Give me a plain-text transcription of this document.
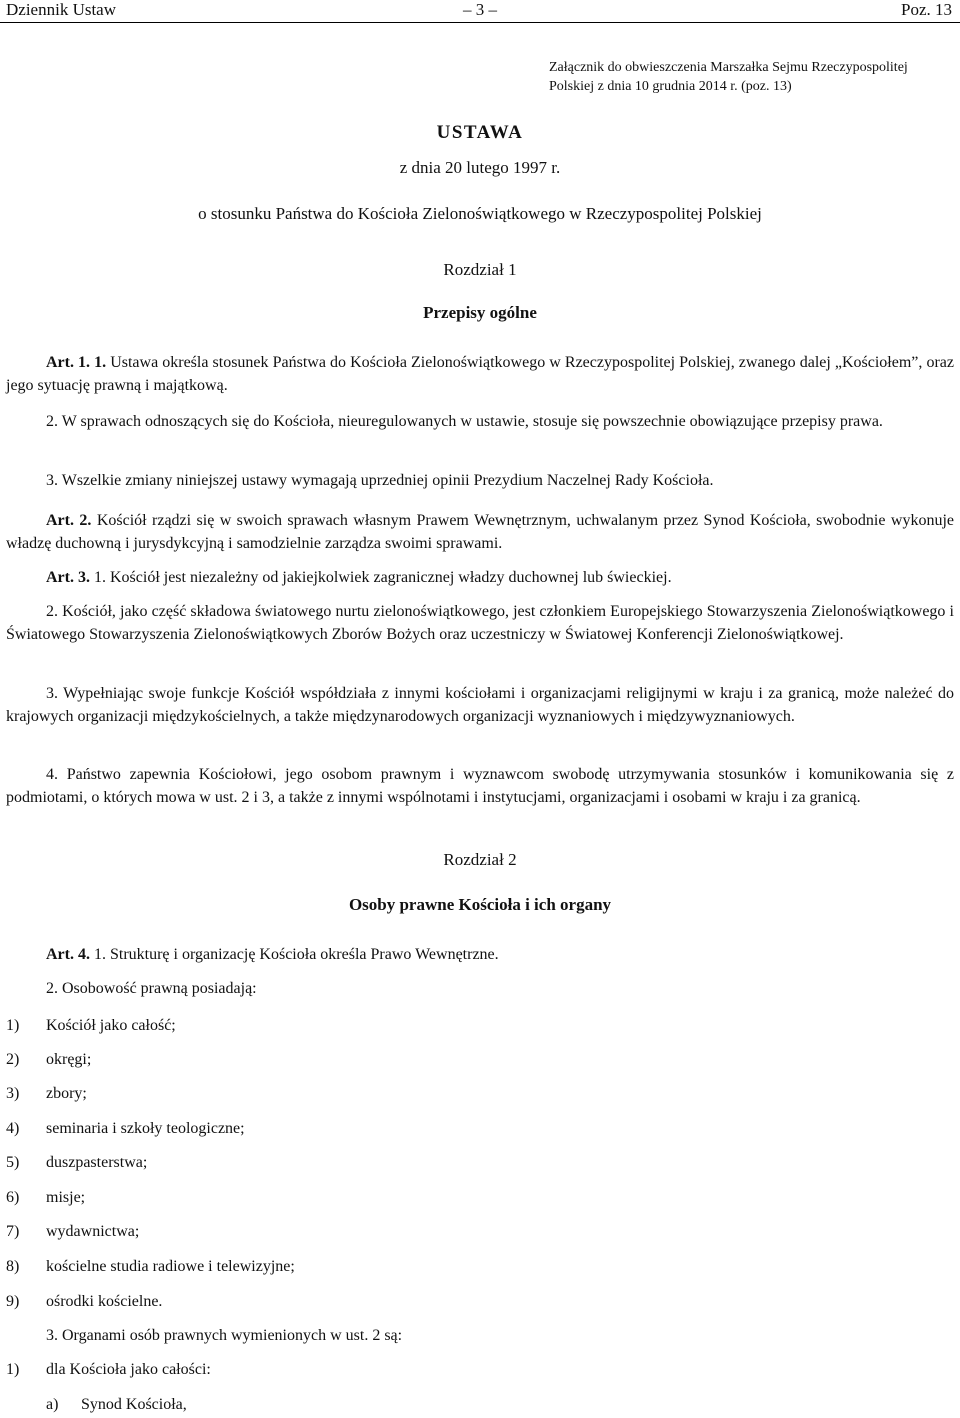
Dziennik Ustaw	– 3 –	Poz. 13
Załącznik do obwieszczenia Marszałka Sejmu Rzeczypospolitej
Polskiej z dnia 10 grudnia 2014 r. (poz. 13)
USTAWA
z dnia 20 lutego 1997 r.
o stosunku Państwa do Kościoła Zielonoświątkowego w Rzeczypospolitej Polskiej
Rozdział 1
Przepisy ogólne
Art. 1. 1. Ustawa określa stosunek Państwa do Kościoła Zielonoświątkowego w Rzeczypospolitej Polskiej, zwanego dalej „Kościołem”, oraz jego sytuację prawną i majątkową.
2. W sprawach odnoszących się do Kościoła, nieuregulowanych w ustawie, stosuje się powszechnie obowiązujące przepisy prawa.
3. Wszelkie zmiany niniejszej ustawy wymagają uprzedniej opinii Prezydium Naczelnej Rady Kościoła.
Art. 2. Kościół rządzi się w swoich sprawach własnym Prawem Wewnętrznym, uchwalanym przez Synod Kościoła, swobodnie wykonuje władzę duchowną i jurysdykcyjną i samodzielnie zarządza swoimi sprawami.
Art. 3. 1. Kościół jest niezależny od jakiejkolwiek zagranicznej władzy duchownej lub świeckiej.
2. Kościół, jako część składowa światowego nurtu zielonoświątkowego, jest członkiem Europejskiego Stowarzyszenia Zielonoświątkowego i Światowego Stowarzyszenia Zielonoświątkowych Zborów Bożych oraz uczestniczy w Światowej Konferencji Zielonoświątkowej.
3. Wypełniając swoje funkcje Kościół współdziała z innymi kościołami i organizacjami religijnymi w kraju i za granicą, może należeć do krajowych organizacji międzykościelnych, a także międzynarodowych organizacji wyznaniowych i międzywyznaniowych.
4. Państwo zapewnia Kościołowi, jego osobom prawnym i wyznawcom swobodę utrzymywania stosunków i komunikowania się z podmiotami, o których mowa w ust. 2 i 3, a także z innymi wspólnotami i instytucjami, organizacjami i osobami w kraju i za granicą.
Rozdział 2
Osoby prawne Kościoła i ich organy
Art. 4. 1. Strukturę i organizację Kościoła określa Prawo Wewnętrzne.
2. Osobowość prawną posiadają:
1) Kościół jako całość;
2) okręgi;
3) zbory;
4) seminaria i szkoły teologiczne;
5) duszpasterstwa;
6) misje;
7) wydawnictwa;
8) kościelne studia radiowe i telewizyjne;
9) ośrodki kościelne.
3. Organami osób prawnych wymienionych w ust. 2 są:
1) dla Kościoła jako całości:
a) Synod Kościoła,
